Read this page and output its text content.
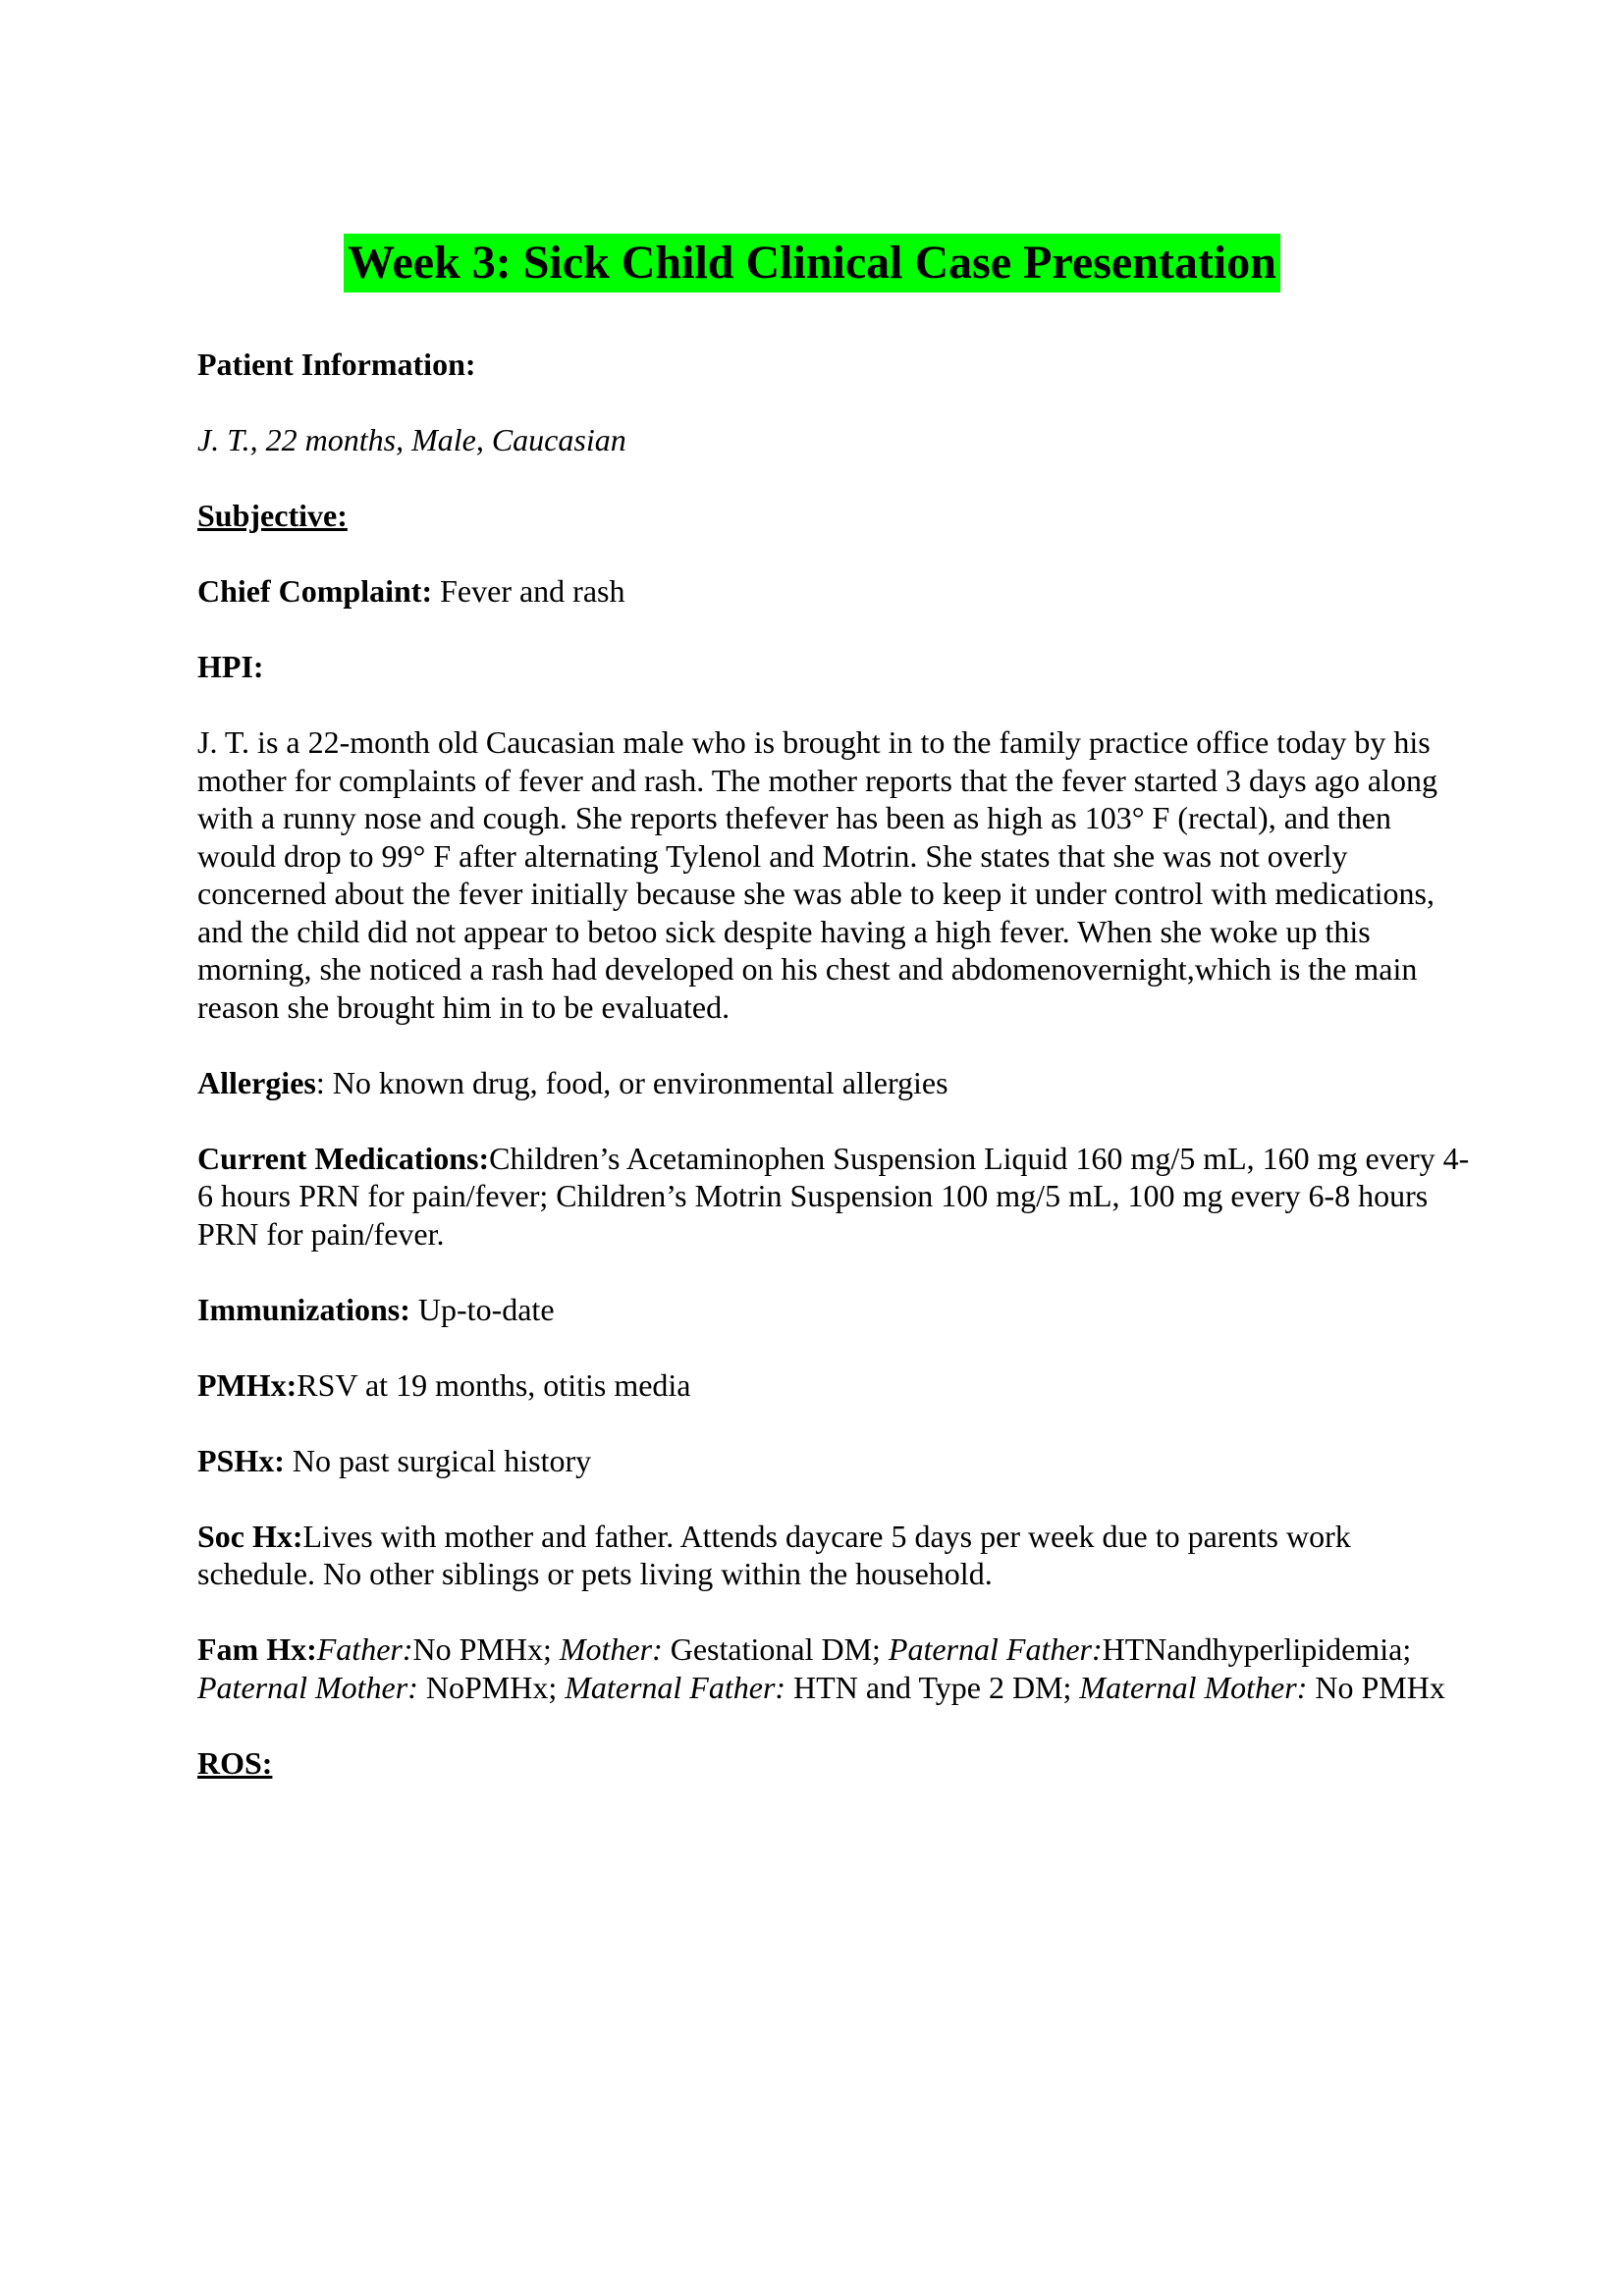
Week 3: Sick Child Clinical Case Presentation

Patient Information:

J. T., 22 months, Male, Caucasian

Subjective:

Chief Complaint: Fever and rash

HPI:

J. T. is a 22-month old Caucasian male who is brought in to the family practice office today by his mother for complaints of fever and rash. The mother reports that the fever started 3 days ago along with a runny nose and cough. She reports thefever has been as high as 103° F (rectal), and then would drop to 99° F after alternating Tylenol and Motrin. She states that she was not overly concerned about the fever initially because she was able to keep it under control with medications, and the child did not appear to betoo sick despite having a high fever. When she woke up this morning, she noticed a rash had developed on his chest and abdomenovernight,which is the main reason she brought him in to be evaluated.

Allergies: No known drug, food, or environmental allergies

Current Medications:Children’s Acetaminophen Suspension Liquid 160 mg/5 mL, 160 mg every 4-6 hours PRN for pain/fever; Children’s Motrin Suspension 100 mg/5 mL, 100 mg every 6-8 hours PRN for pain/fever.

Immunizations: Up-to-date

PMHx:RSV at 19 months, otitis media

PSHx: No past surgical history

Soc Hx:Lives with mother and father. Attends daycare 5 days per week due to parents work schedule. No other siblings or pets living within the household.

Fam Hx:Father:No PMHx; Mother: Gestational DM; Paternal Father:HTNandhyperlipidemia; Paternal Mother: NoPMHx; Maternal Father: HTN and Type 2 DM; Maternal Mother: No PMHx

ROS:
